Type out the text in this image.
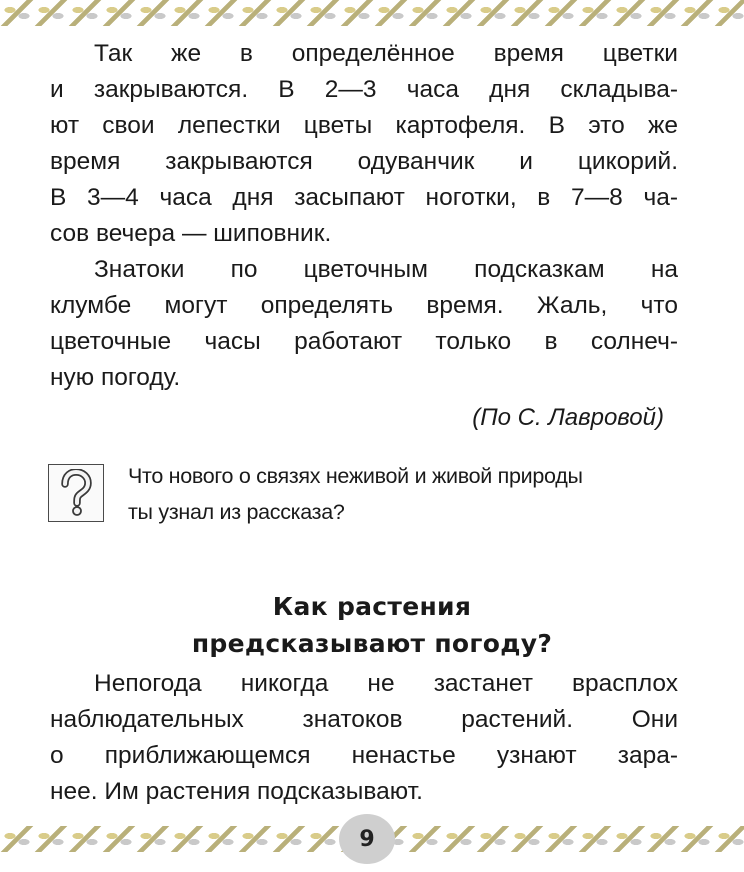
Так же в определённое время цветки
и закрываются. В 2—3 часа дня складыва-
ют свои лепестки цветы картофеля. В это же
время закрываются одуванчик и цикорий.
В 3—4 часа дня засыпают ноготки, в 7—8 ча-
сов вечера — шиповник.
Знатоки по цветочным подсказкам на
клумбе могут определять время. Жаль, что
цветочные часы работают только в солнеч-
ную погоду.
(По С. Лавровой)
Что нового о связях неживой и живой природы
ты узнал из рассказа?
Как растения
предсказывают погоду?
Непогода никогда не застанет врасплох
наблюдательных знатоков растений. Они
о приближающемся ненастье узнают зара-
нее. Им растения подсказывают.
9
